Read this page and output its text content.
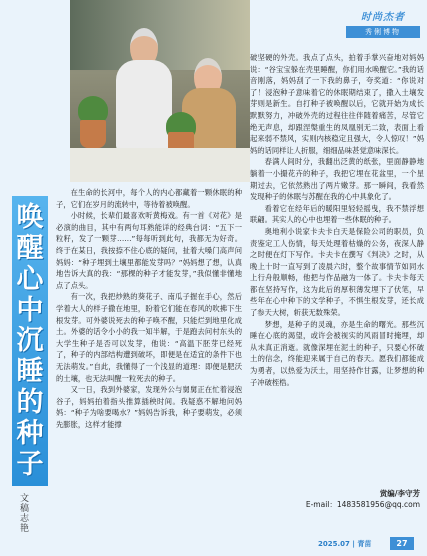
时尚杰者
秀俐博物
唤
醒
心
中
沉
睡
的
种
子
文稿志艳

在生命的长河中，每个人的内心都藏着一颗休眠的种子，它们在岁月的流转中，等待着被唤醒。

小时候，长辈们最喜欢听黄梅戏。有一首《对花》是必演的曲目，其中有两句耳熟能详的经典台词：“五下一粒籽，发了一颗芽……”每每听到此句，我都无为好奇。终于在某日，我按捺不住心底的疑问，扯着大嗓门高声问妈妈：“种子埋到土壤里都能发芽吗？”妈妈想了想，认真地告诉大真的我：“那棵的种子才能发芽，”我似懂非懂地点了点头。

有一次，我把炒熟的葵花子、南瓜子握在手心，然后学着大人的样子撒在地里，盼着它们能在春风的吹拂下生根发芽。可外婆说死去的种子唤不醒，只能烂到地里化成土。外婆的话令小小的我一知半解，于是跑去问村东头的大学生种子是否可以发芽，他说：“高温下胚芽已经死了，种子的内部结构遭到破坏，即便是在适宜的条件下也无法萌发。”自此，我懂得了一个浅显的道理：即便是肥沃的土壤，也无法叫醒一粒死去的种子。

又一日，我到外婆家，发现外公与舅舅正在忙着浸泡谷子，妈妈拍着指头推算插秧时间。我疑惑不解地问妈妈：“种子为啥要喝水？”妈妈告诉我，种子要萌发，必须先膨胀，这样才能撑

破坚硬的外壳。我点了点头，拍着手掌兴奋地对妈妈说：“谷宝宝躲在壳里睡醒，你们用水唤醒它。”我的话音刚落，妈妈刮了一下我的鼻子，夸奖道：“你说对了！浸泡种子意味着它的休眠期结束了，撒入土壤发芽则是新生。自打种子被唤醒以后，它就开始为成长默默努力，冲破外壳的过程往往伴随着痛苦，尽管它绝无声息，却跟涅槃重生的凤凰别无二致，表面上看起来弱不禁风，实则内核稳定且强大，令人惊叹！”妈妈的话同样让人折服，细细品味甚觉意味深长。

春满人间时分，我翻出泛黄的纸张，里面静静地躺着一小撮花卉的种子，我把它埋在花盆里，一个星期过去，它依然熟出了两片嫩芽。那一瞬间，我看然发现种子的休眠与苏醒在我的心中具象化了。

看着它在经年后的暖阳里轻轻摇曳，我不禁浮想联翩。其实人的心中也埋着一些休眠的种子。

奥地利小说家卡夫卡白天是保险公司的职员，负责鉴定工人伤情，每天处理着枯燥的公务，夜深人静之时便在灯下写作。卡夫卡在撰写《判决》之时，从晚上十时一直写到了凌晨六时，整个故事情节如同水上行舟般顺畅，他把与作品融为一体了。卡夫卡每天都在坚持写作，这为此后的厚积薄发埋下了伏笔，早些年在心中种下的文学种子，不惧生根发芽，还长成了参天大树，斩获无数殊荣。

梦想，是种子的灵魂，亦是生命的曙光。那些沉睡在心底的渴望，或许会被视实的风雨冒时掩埋，却从未真正消逝。就像深埋在泥土的种子，只要心怀破土的信念，终能迎来属于自己的春天。愿我们都能成为勇者，以热爱为沃土，用坚持作甘露，让梦想的种子冲破桎梏。

赏编/李守芳
E-mail：1483581956@qq.com
2025.07 | 青苗	27
